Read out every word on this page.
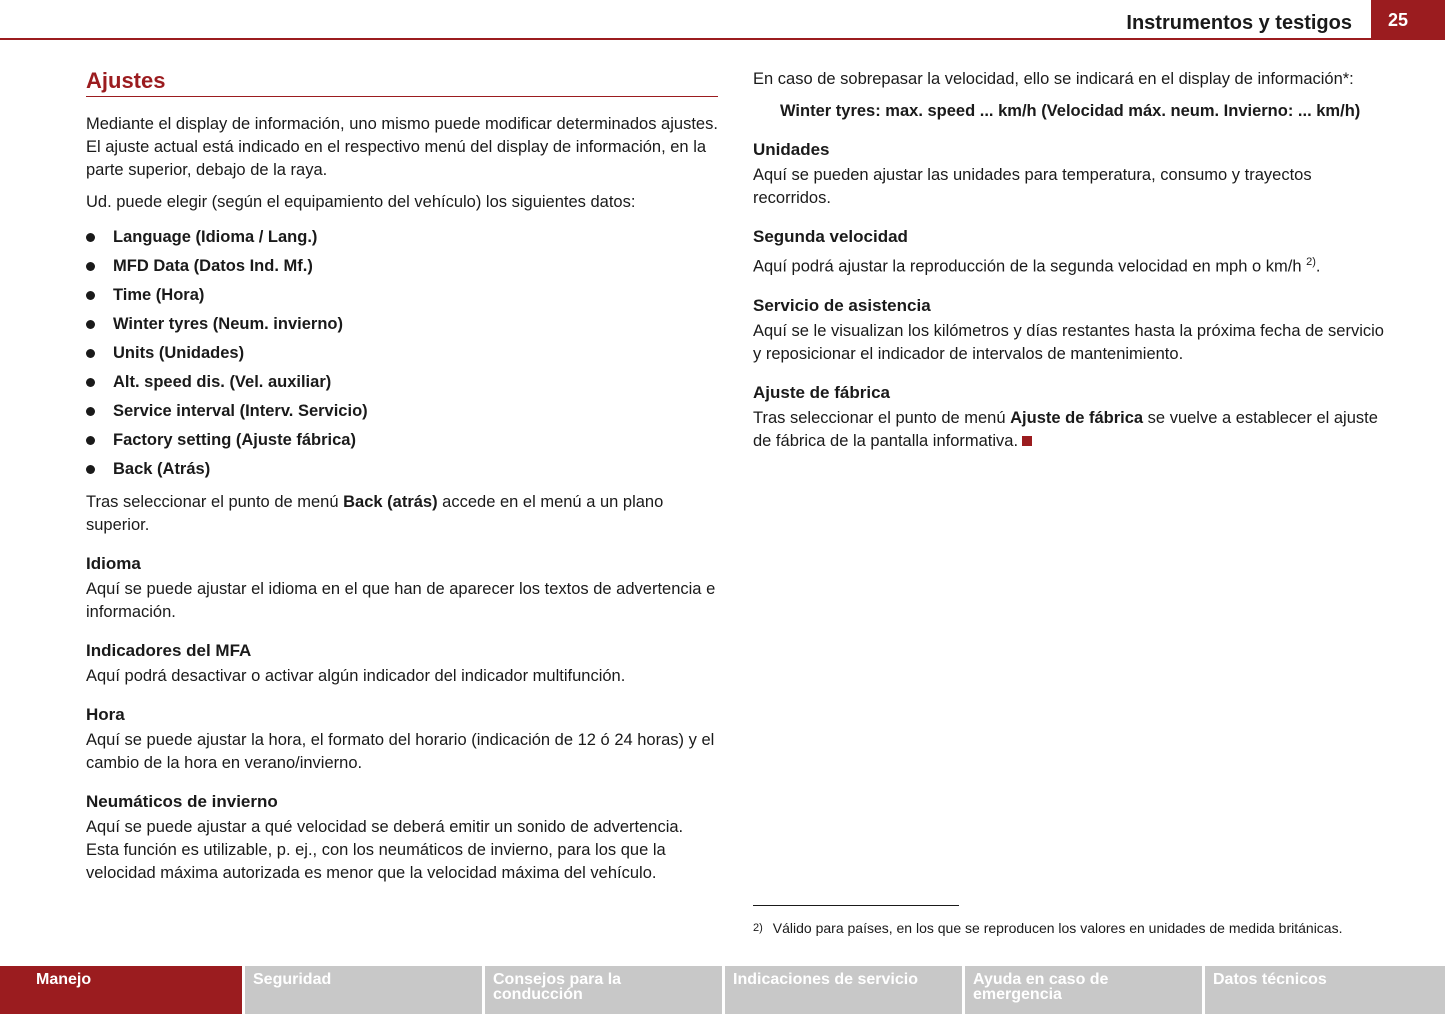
Instrumentos y testigos	25
Ajustes

Mediante el display de información, uno mismo puede modificar determinados ajustes. El ajuste actual está indicado en el respectivo menú del display de información, en la parte superior, debajo de la raya.

Ud. puede elegir (según el equipamiento del vehículo) los siguientes datos:

Language (Idioma / Lang.)
MFD Data (Datos Ind. Mf.)
Time (Hora)
Winter tyres (Neum. invierno)
Units (Unidades)
Alt. speed dis. (Vel. auxiliar)
Service interval (Interv. Servicio)
Factory setting (Ajuste fábrica)
Back (Atrás)

Tras seleccionar el punto de menú Back (atrás) accede en el menú a un plano superior.

Idioma

Aquí se puede ajustar el idioma en el que han de aparecer los textos de advertencia e información.

Indicadores del MFA

Aquí podrá desactivar o activar algún indicador del indicador multifunción.

Hora

Aquí se puede ajustar la hora, el formato del horario (indicación de 12 ó 24 horas) y el cambio de la hora en verano/invierno.

Neumáticos de invierno

Aquí se puede ajustar a qué velocidad se deberá emitir un sonido de advertencia. Esta función es utilizable, p. ej., con los neumáticos de invierno, para los que la velocidad máxima autorizada es menor que la velocidad máxima del vehículo.

En caso de sobrepasar la velocidad, ello se indicará en el display de información*:

Winter tyres: max. speed ... km/h (Velocidad máx. neum. Invierno: ... km/h)
Unidades

Aquí se pueden ajustar las unidades para temperatura, consumo y trayectos recorridos.

Segunda velocidad

Aquí podrá ajustar la reproducción de la segunda velocidad en mph o km/h $^{2)}$.

Servicio de asistencia

Aquí se le visualizan los kilómetros y días restantes hasta la próxima fecha de servicio y reposicionar el indicador de intervalos de mantenimiento.

Ajuste de fábrica

Tras seleccionar el punto de menú Ajuste de fábrica se vuelve a establecer el ajuste de fábrica de la pantalla informativa.

$^{2)}$ Válido para países, en los que se reproducen los valores en unidades de medida británicas.
Manejo	Seguridad	Consejos para la conducción
Indicaciones de servicio	Ayuda en caso de emergencia
Datos técnicos
